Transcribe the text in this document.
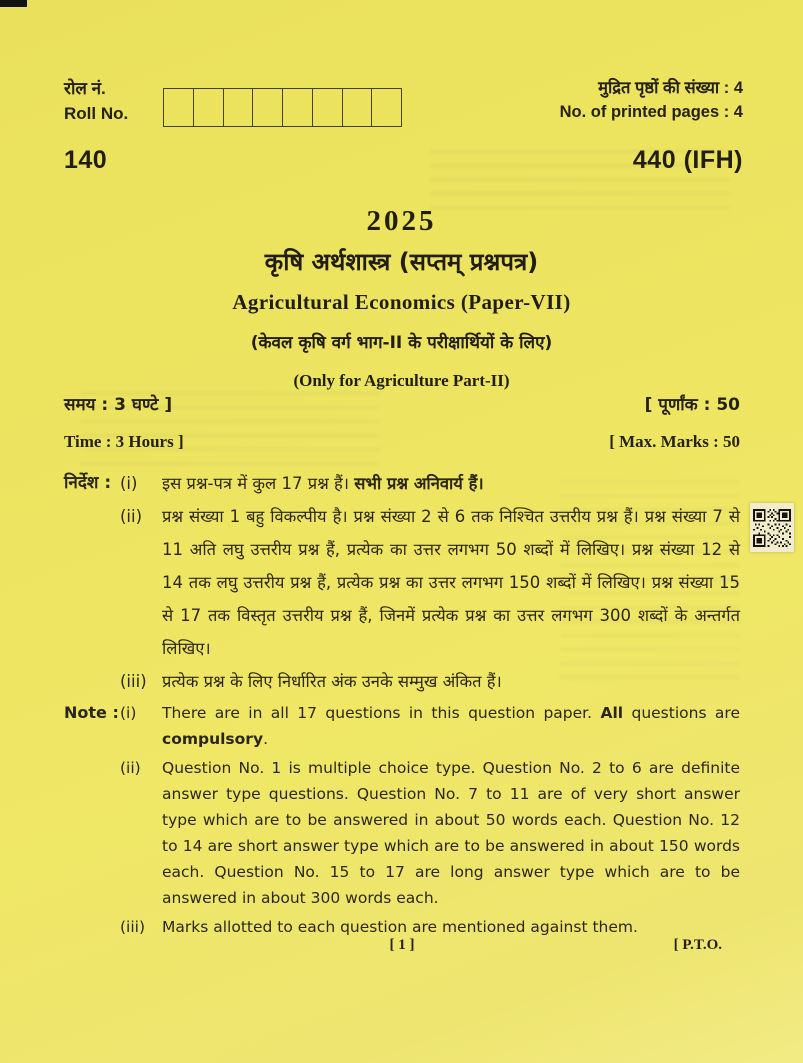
रोल नं.
Roll No.
मुद्रित पृष्ठों की संख्या : 4
No. of printed pages : 4
140	440 (IFH)
2025
कृषि अर्थशास्त्र (सप्तम् प्रश्नपत्र)
Agricultural Economics (Paper-VII)
(केवल कृषि वर्ग भाग-II के परीक्षार्थियों के लिए)
(Only for Agriculture Part-II)
समय : 3 घण्टे ]	[ पूर्णांक : 50
Time : 3 Hours ]	[ Max. Marks : 50
निर्देश : (i)	इस प्रश्न-पत्र में कुल 17 प्रश्न हैं। सभी प्रश्न अनिवार्य हैं।
(ii)	प्रश्न संख्या 1 बहु विकल्पीय है। प्रश्न संख्या 2 से 6 तक निश्चित उत्तरीय प्रश्न हैं। प्रश्न संख्या 7 से 11 अति लघु उत्तरीय प्रश्न हैं, प्रत्येक का उत्तर लगभग 50 शब्दों में लिखिए। प्रश्न संख्या 12 से 14 तक लघु उत्तरीय प्रश्न हैं, प्रत्येक प्रश्न का उत्तर लगभग 150 शब्दों में लिखिए। प्रश्न संख्या 15 से 17 तक विस्तृत उत्तरीय प्रश्न हैं, जिनमें प्रत्येक प्रश्न का उत्तर लगभग 300 शब्दों के अन्तर्गत लिखिए।
(iii) प्रत्येक प्रश्न के लिए निर्धारित अंक उनके सम्मुख अंकित हैं।
Note : (i)	There are in all 17 questions in this question paper. All questions are compulsory.
(ii)	Question No. 1 is multiple choice type. Question No. 2 to 6 are definite answer type questions. Question No. 7 to 11 are of very short answer type which are to be answered in about 50 words each. Question No. 12 to 14 are short answer type which are to be answered in about 150 words each. Question No. 15 to 17 are long answer type which are to be answered in about 300 words each.
(iii)	Marks allotted to each question are mentioned against them.
[ 1 ]	[ P.T.O.
